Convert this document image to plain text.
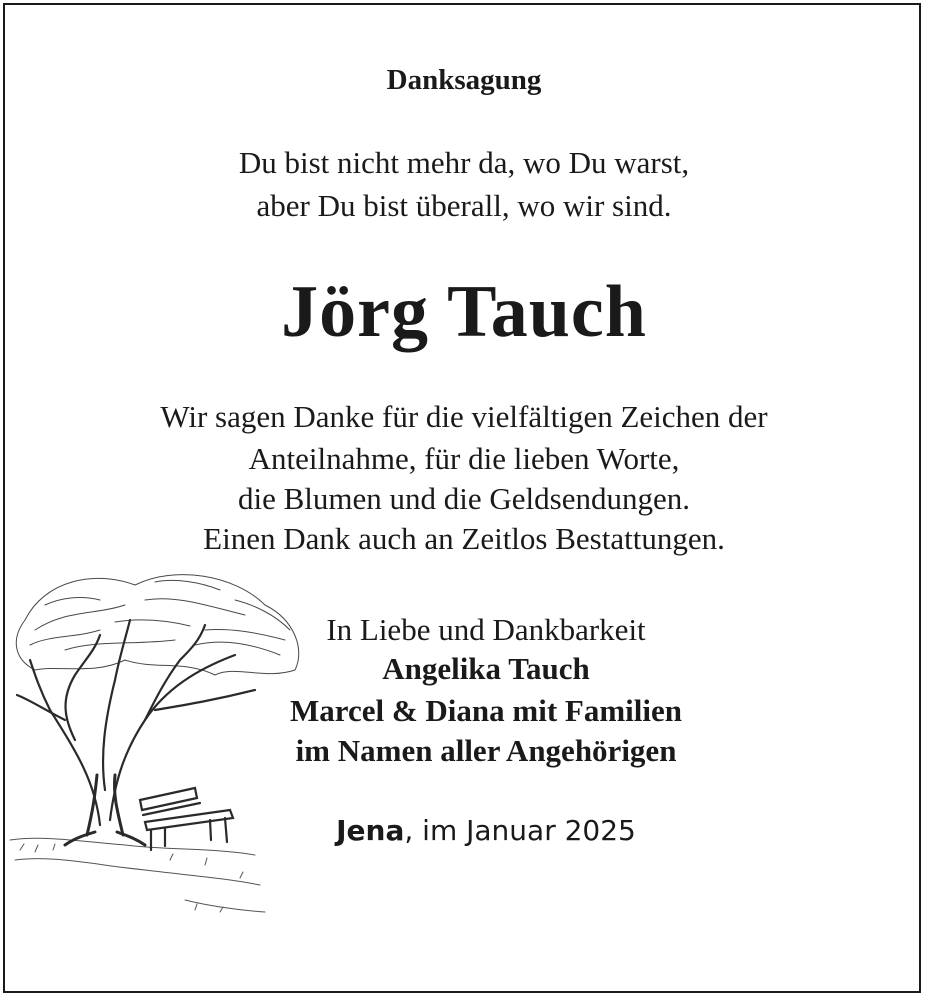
Danksagung
Du bist nicht mehr da, wo Du warst,
aber Du bist überall, wo wir sind.
Jörg Tauch
Wir sagen Danke für die vielfältigen Zeichen der
Anteilnahme, für die lieben Worte,
die Blumen und die Geldsendungen.
Einen Dank auch an Zeitlos Bestattungen.
In Liebe und Dankbarkeit
Angelika Tauch
Marcel & Diana mit Familien
im Namen aller Angehörigen
Jena, im Januar 2025
